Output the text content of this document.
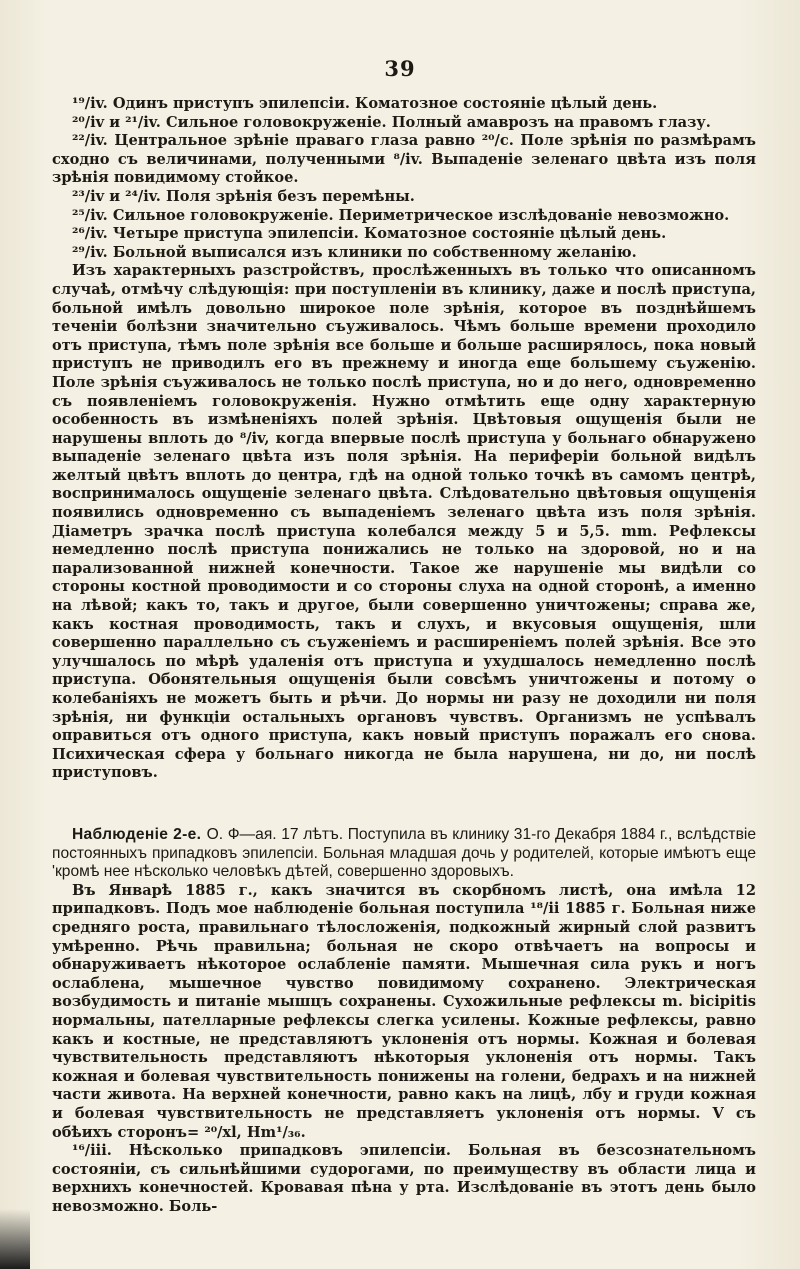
39

¹⁹/iv. Одинъ приступъ эпилепсіи. Коматозное состояніе цѣлый день.

²⁰/iv и ²¹/iv. Сильное головокруженіе. Полный амаврозъ на правомъ глазу.

²²/iv. Центральное зрѣніе праваго глаза равно ²⁰/c. Поле зрѣнія по размѣрамъ сходно съ величинами, полученными ⁸/iv. Выпаденіе зеленаго цвѣта изъ поля зрѣнія повидимому стойкое.

²³/iv и ²⁴/iv. Поля зрѣнія безъ перемѣны.

²⁵/iv. Сильное головокруженіе. Периметрическое изслѣдованіе невозможно.

²⁶/iv. Четыре приступа эпилепсіи. Коматозное состояніе цѣлый день.

²⁹/iv. Больной выписался изъ клиники по собственному желанію.

Изъ характерныхъ разстройствъ, прослѣженныхъ въ только что описанномъ случаѣ, отмѣчу слѣдующія: при поступленіи въ клинику, даже и послѣ приступа, больной имѣлъ довольно широкое поле зрѣнія, которое въ позднѣйшемъ теченіи болѣзни значительно съуживалось. Чѣмъ больше времени проходило отъ приступа, тѣмъ поле зрѣнія все больше и больше расширялось, пока новый приступъ не приводилъ его въ прежнему и иногда еще большему съуженію. Поле зрѣнія съуживалось не только послѣ приступа, но и до него, одновременно съ появленіемъ головокруженія. Нужно отмѣтить еще одну характерную особенность въ измѣненіяхъ полей зрѣнія. Цвѣтовыя ощущенія были не нарушены вплоть до ⁸/iv, когда впервые послѣ приступа у больнаго обнаружено выпаденіе зеленаго цвѣта изъ поля зрѣнія. На периферіи больной видѣлъ желтый цвѣтъ вплоть до центра, гдѣ на одной только точкѣ въ самомъ центрѣ, воспринималось ощущеніе зеленаго цвѣта. Слѣдовательно цвѣтовыя ощущенія появились одновременно съ выпаденіемъ зеленаго цвѣта изъ поля зрѣнія. Діаметръ зрачка послѣ приступа колебался между 5 и 5,5. mm. Рефлексы немедленно послѣ приступа понижались не только на здоровой, но и на парализованной нижней конечности. Такое же нарушеніе мы видѣли со стороны костной проводимости и со стороны слуха на одной сторонѣ, а именно на лѣвой; какъ то, такъ и другое, были совершенно уничтожены; справа же, какъ костная проводимость, такъ и слухъ, и вкусовыя ощущенія, шли совершенно параллельно съ съуженіемъ и расширеніемъ полей зрѣнія. Все это улучшалось по мѣрѣ удаленія отъ приступа и ухудшалось немедленно послѣ приступа. Обонятельныя ощущенія были совсѣмъ уничтожены и потому о колебаніяхъ не можетъ быть и рѣчи. До нормы ни разу не доходили ни поля зрѣнія, ни функціи остальныхъ органовъ чувствъ. Организмъ не успѣвалъ оправиться отъ одного приступа, какъ новый приступъ поражалъ его снова. Психическая сфера у больнаго никогда не была нарушена, ни до, ни послѣ приступовъ.

Наблюденіе 2-е. О. Ф—ая. 17 лѣтъ. Поступила въ клинику 31-го Декабря 1884 г., вслѣдствіе постоянныхъ припадковъ эпилепсіи. Больная младшая дочь у родителей, которые имѣютъ еще 'кромѣ нее нѣсколько человѣкъ дѣтей, совершенно здоровыхъ.

Въ Январѣ 1885 г., какъ значится въ скорбномъ листѣ, она имѣла 12 припадковъ. Подъ мое наблюденіе больная поступила ¹⁸/ii 1885 г. Больная ниже средняго роста, правильнаго тѣлосложенія, подкожный жирный слой развитъ умѣренно. Рѣчь правильна; больная не скоро отвѣчаетъ на вопросы и обнаруживаетъ нѣкоторое ослабленіе памяти. Мышечная сила рукъ и ногъ ослаблена, мышечное чувство повидимому сохранено. Электрическая возбудимость и питаніе мышцъ сохранены. Сухожильные рефлексы m. bicipitis нормальны, пателларные рефлексы слегка усилены. Кожные рефлексы, равно какъ и костные, не представляютъ уклоненія отъ нормы. Кожная и болевая чувствительность представляютъ нѣкоторыя уклоненія отъ нормы. Такъ кожная и болевая чувствительность понижены на голени, бедрахъ и на нижней части живота. На верхней конечности, равно какъ на лицѣ, лбу и груди кожная и болевая чувствительность не представляетъ уклоненія отъ нормы. V съ обѣихъ сторонъ= ²⁰/xl, Hm¹/₃₆.

¹⁶/ііі. Нѣсколько припадковъ эпилепсіи. Больная въ безсознательномъ состояніи, съ сильнѣйшими судорогами, по преимуществу въ области лица и верхнихъ конечностей. Кровавая пѣна у рта. Изслѣдованіе въ этотъ день было невозможно. Боль-
